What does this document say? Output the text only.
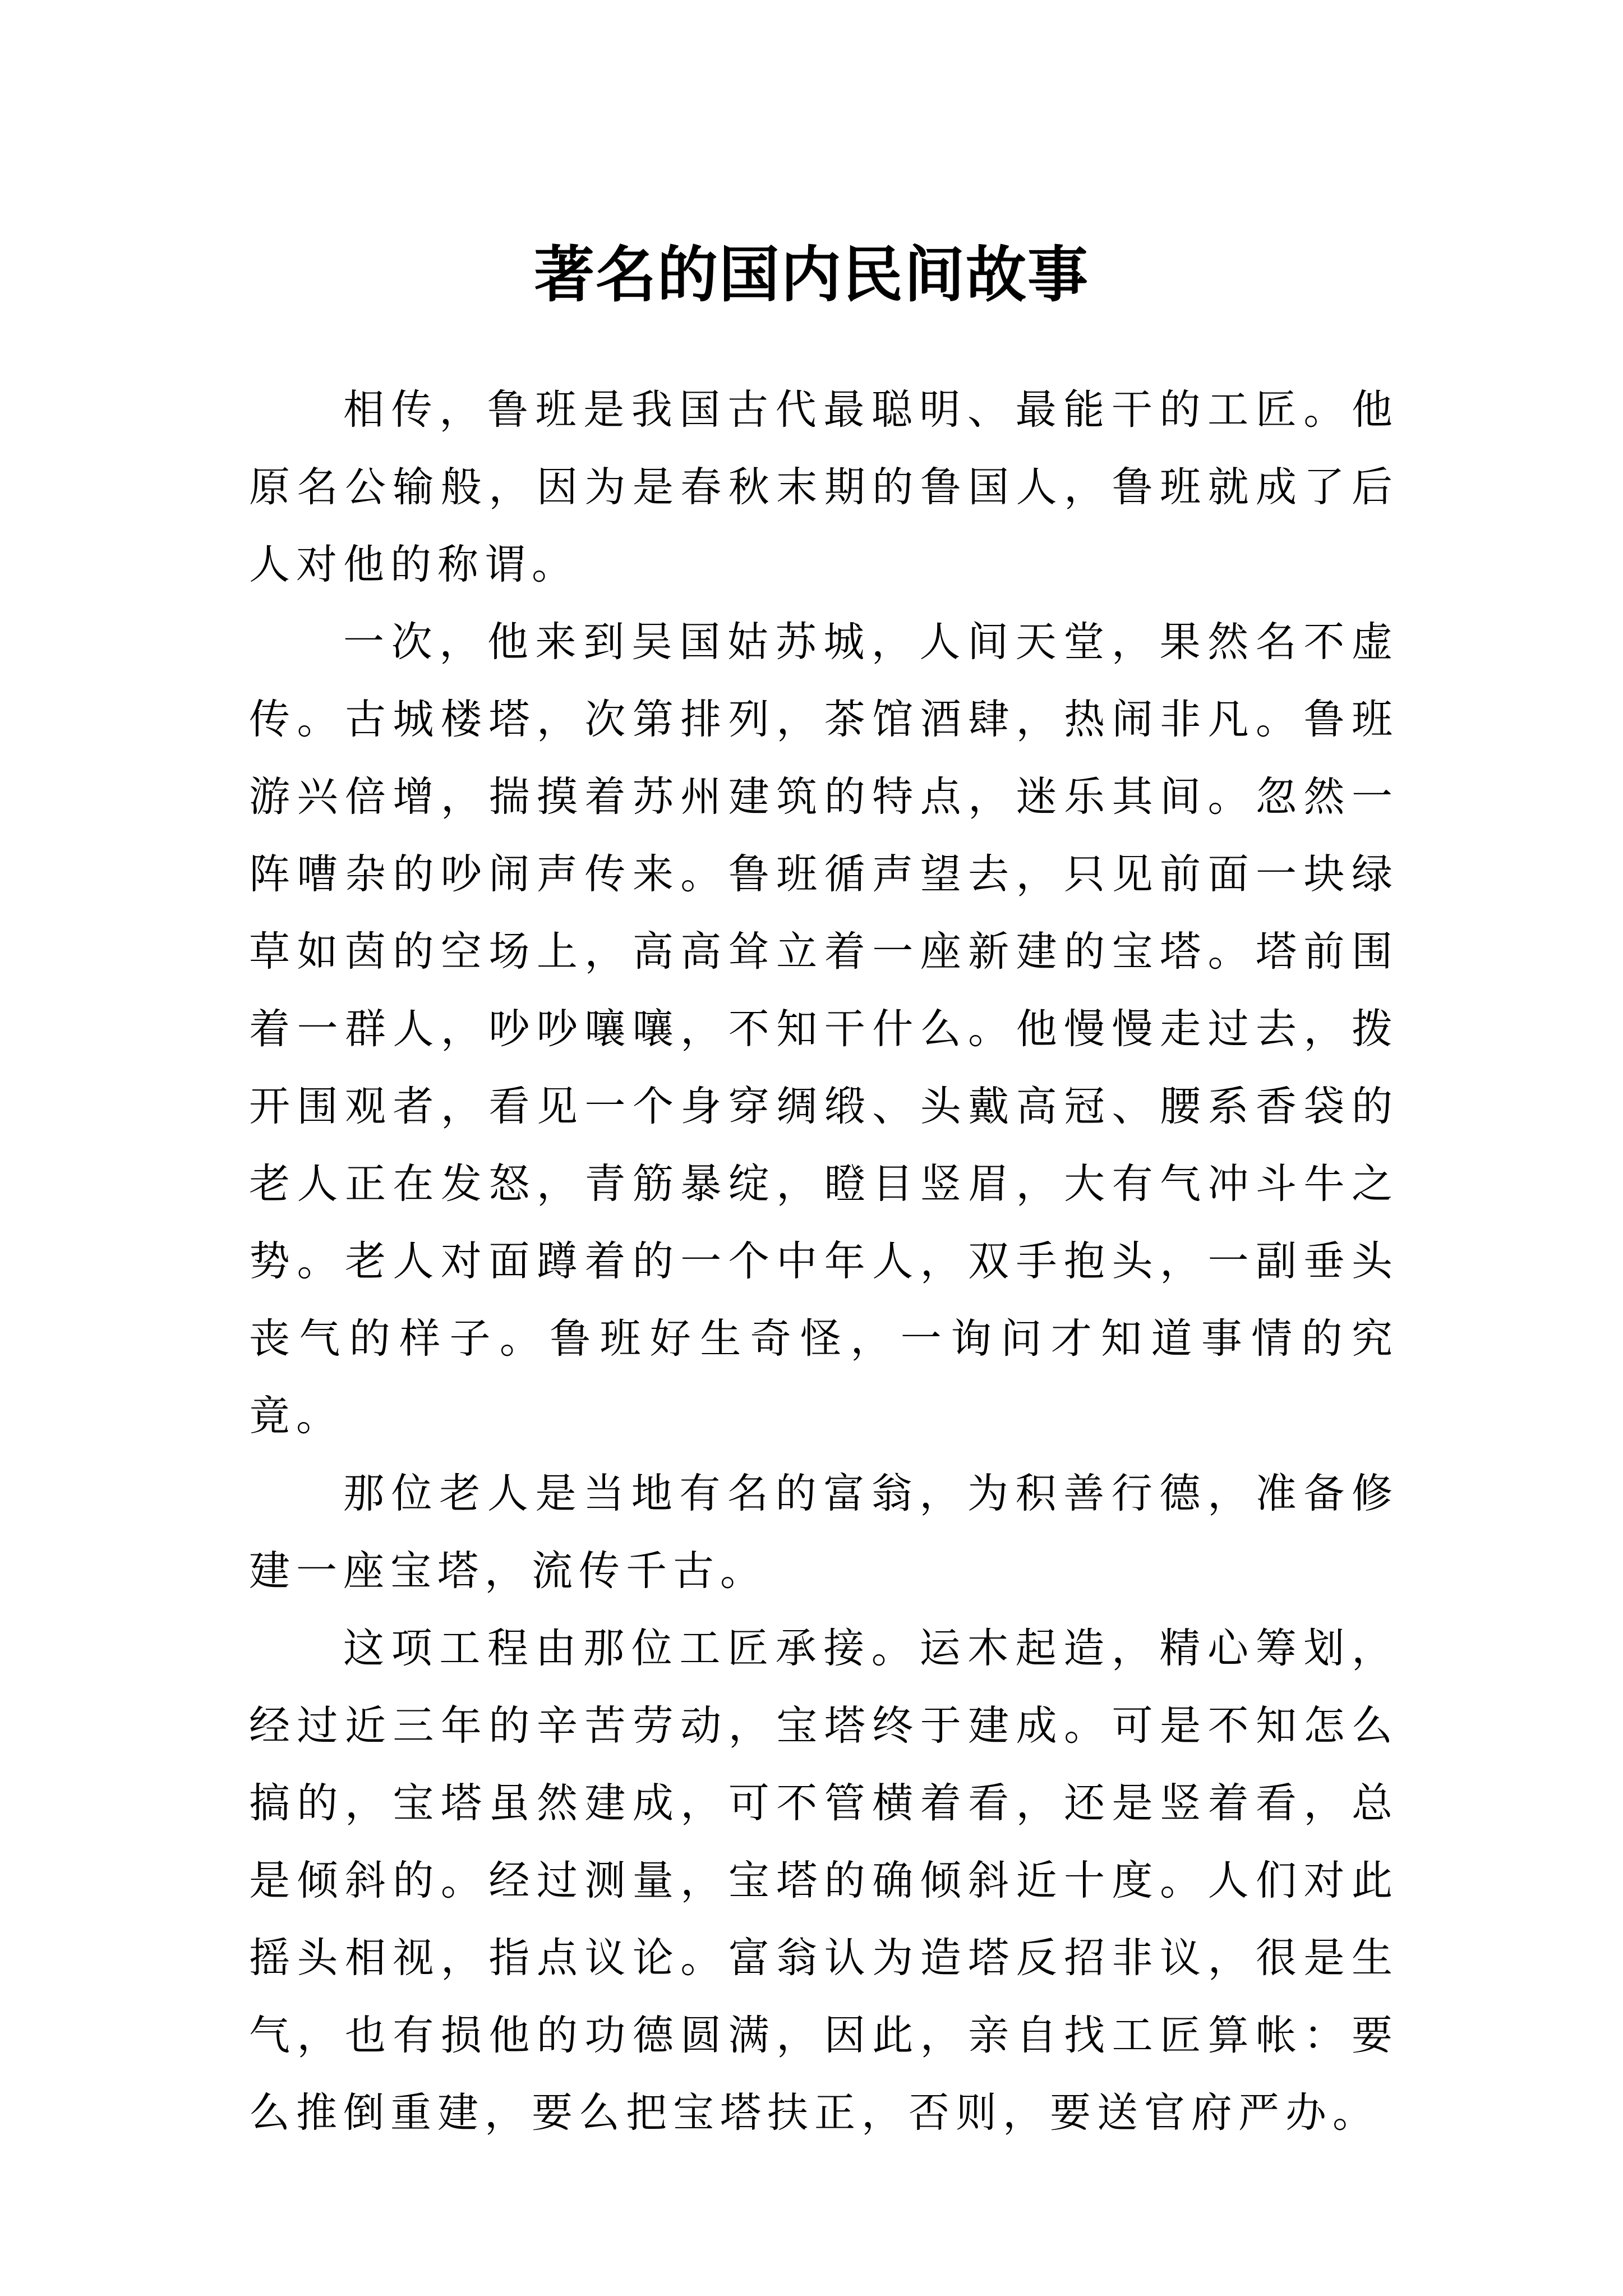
著名的国内民间故事

相传，鲁班是我国古代最聪明、最能干的工匠。他原名公输般，因为是春秋末期的鲁国人，鲁班就成了后人对他的称谓。

一次，他来到吴国姑苏城，人间天堂，果然名不虚传。古城楼塔，次第排列，茶馆酒肆，热闹非凡。鲁班游兴倍增，揣摸着苏州建筑的特点，迷乐其间。忽然一阵嘈杂的吵闹声传来。鲁班循声望去，只见前面一块绿草如茵的空场上，高高耸立着一座新建的宝塔。塔前围着一群人，吵吵嚷嚷，不知干什么。他慢慢走过去，拨开围观者，看见一个身穿绸缎、头戴高冠、腰系香袋的老人正在发怒，青筋暴绽，瞪目竖眉，大有气冲斗牛之势。老人对面蹲着的一个中年人，双手抱头，一副垂头丧气的样子。鲁班好生奇怪，一询问才知道事情的究竟。

那位老人是当地有名的富翁，为积善行德，准备修建一座宝塔，流传千古。

这项工程由那位工匠承接。运木起造，精心筹划，经过近三年的辛苦劳动，宝塔终于建成。可是不知怎么搞的，宝塔虽然建成，可不管横着看，还是竖着看，总是倾斜的。经过测量，宝塔的确倾斜近十度。人们对此摇头相视，指点议论。富翁认为造塔反招非议，很是生气，也有损他的功德圆满，因此，亲自找工匠算帐：要么推倒重建，要么把宝塔扶正，否则，要送官府严办。
